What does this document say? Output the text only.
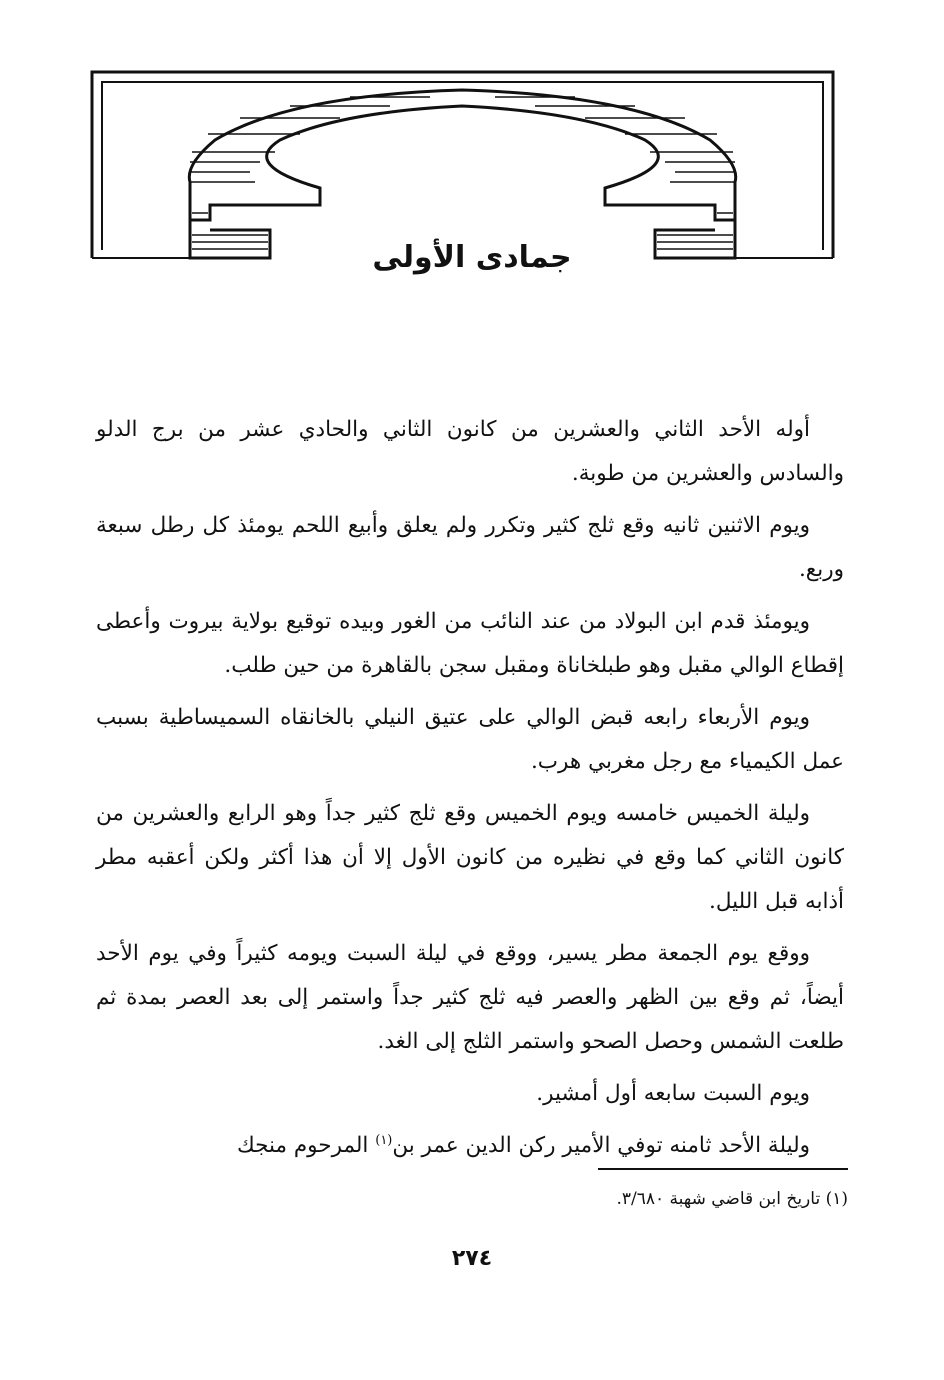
جمادى الأولى

أوله الأحد الثاني والعشرين من كانون الثاني والحادي عشر من برج الدلو والسادس والعشرين من طوبة.

ويوم الاثنين ثانيه وقع ثلج كثير وتكرر ولم يعلق وأبيع اللحم يومئذ كل رطل سبعة وربع.

ويومئذ قدم ابن البولاد من عند النائب من الغور وبيده توقيع بولاية بيروت وأعطى إقطاع الوالي مقبل وهو طبلخاناة ومقبل سجن بالقاهرة من حين طلب.

ويوم الأربعاء رابعه قبض الوالي على عتيق النيلي بالخانقاه السميساطية بسبب عمل الكيمياء مع رجل مغربي هرب.

وليلة الخميس خامسه ويوم الخميس وقع ثلج كثير جداً وهو الرابع والعشرين من كانون الثاني كما وقع في نظيره من كانون الأول إلا أن هذا أكثر ولكن أعقبه مطر أذابه قبل الليل.

ووقع يوم الجمعة مطر يسير، ووقع في ليلة السبت ويومه كثيراً وفي يوم الأحد أيضاً، ثم وقع بين الظهر والعصر فيه ثلج كثير جداً واستمر إلى بعد العصر بمدة ثم طلعت الشمس وحصل الصحو واستمر الثلج إلى الغد.

ويوم السبت سابعه أول أمشير.

وليلة الأحد ثامنه توفي الأمير ركن الدين عمر بن$^{(١)}$ المرحوم منجك

(١) تاريخ ابن قاضي شهبة ٣/٦٨٠.
٢٧٤
